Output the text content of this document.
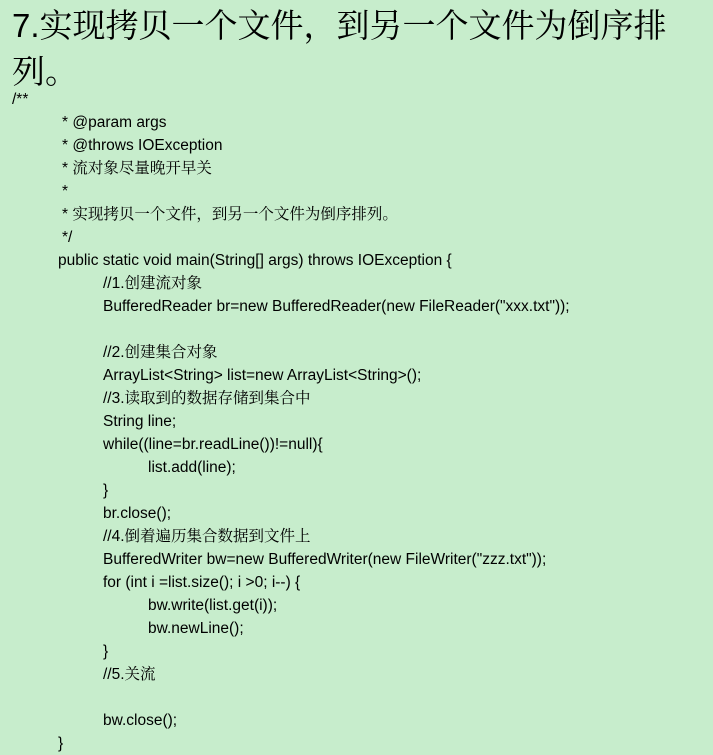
7.实现拷贝一个文件，到另一个文件为倒序排列。
/**
* @param args
* @throws IOException
* 流对象尽量晚开早关
*
* 实现拷贝一个文件，到另一个文件为倒序排列。
*/
public static void main(String[] args) throws IOException {
//1.创建流对象
BufferedReader br=new BufferedReader(new FileReader("xxx.txt"));
//2.创建集合对象
ArrayList<String> list=new ArrayList<String>();
//3.读取到的数据存储到集合中
String line;
while((line=br.readLine())!=null){
list.add(line);
}
br.close();
//4.倒着遍历集合数据到文件上
BufferedWriter bw=new BufferedWriter(new FileWriter("zzz.txt"));
for (int i =list.size(); i >0; i--) {
bw.write(list.get(i));
bw.newLine();
}
//5.关流
bw.close();
}
